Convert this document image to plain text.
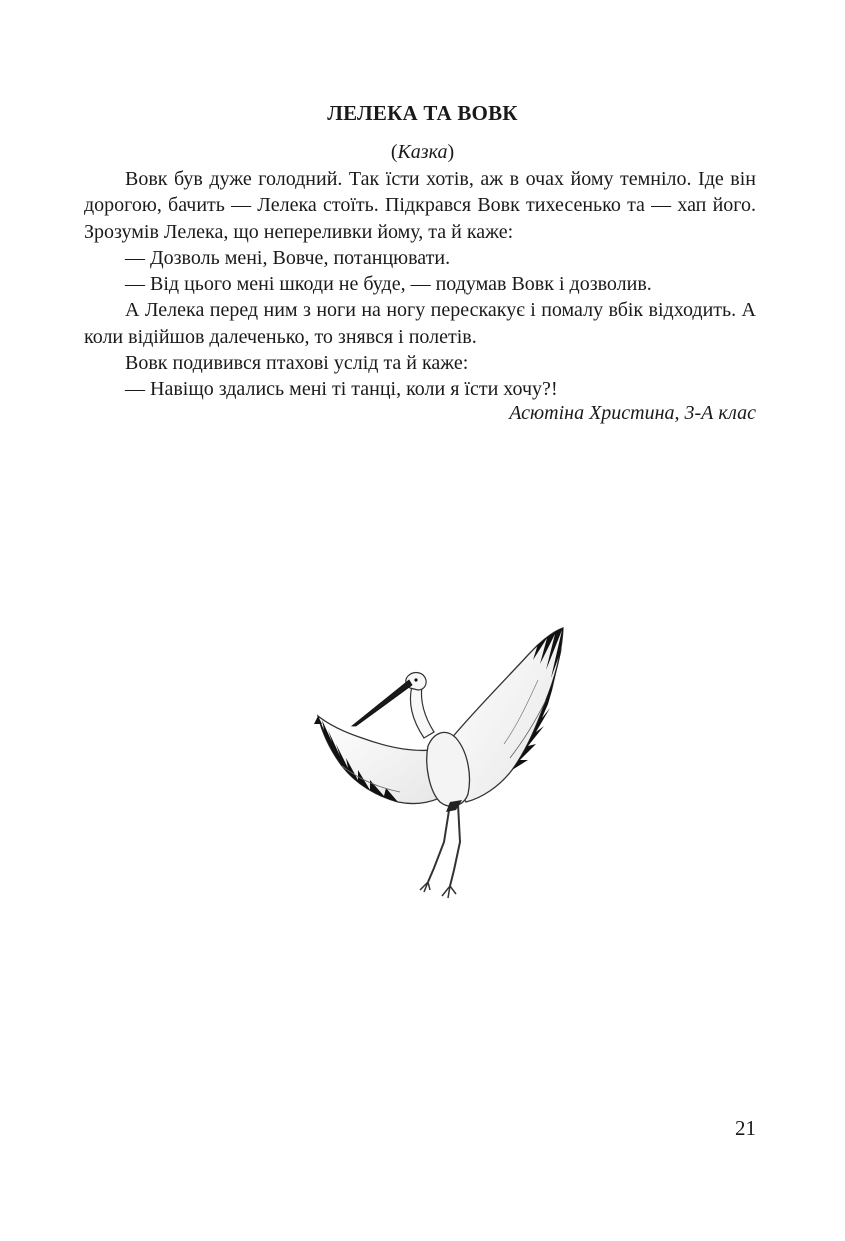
ЛЕЛЕКА ТА ВОВК
(Казка)

Вовк був дуже голодний. Так їсти хотів, аж в очах йому темніло. Іде він дорогою, бачить — Лелека стоїть. Підкрався Вовк тихесенько та — хап його. Зрозумів Лелека, що непереливки йому, та й каже:

— Дозволь мені, Вовче, потанцювати.

— Від цього мені шкоди не буде, — подумав Вовк і дозволив.

А Лелека перед ним з ноги на ногу перескакує і помалу вбік відходить. А коли відійшов далеченько, то знявся і полетів.

Вовк подивився птахові услід та й каже:

— Навіщо здались мені ті танці, коли я їсти хочу?!

Асютіна Христина, 3-А клас
21
